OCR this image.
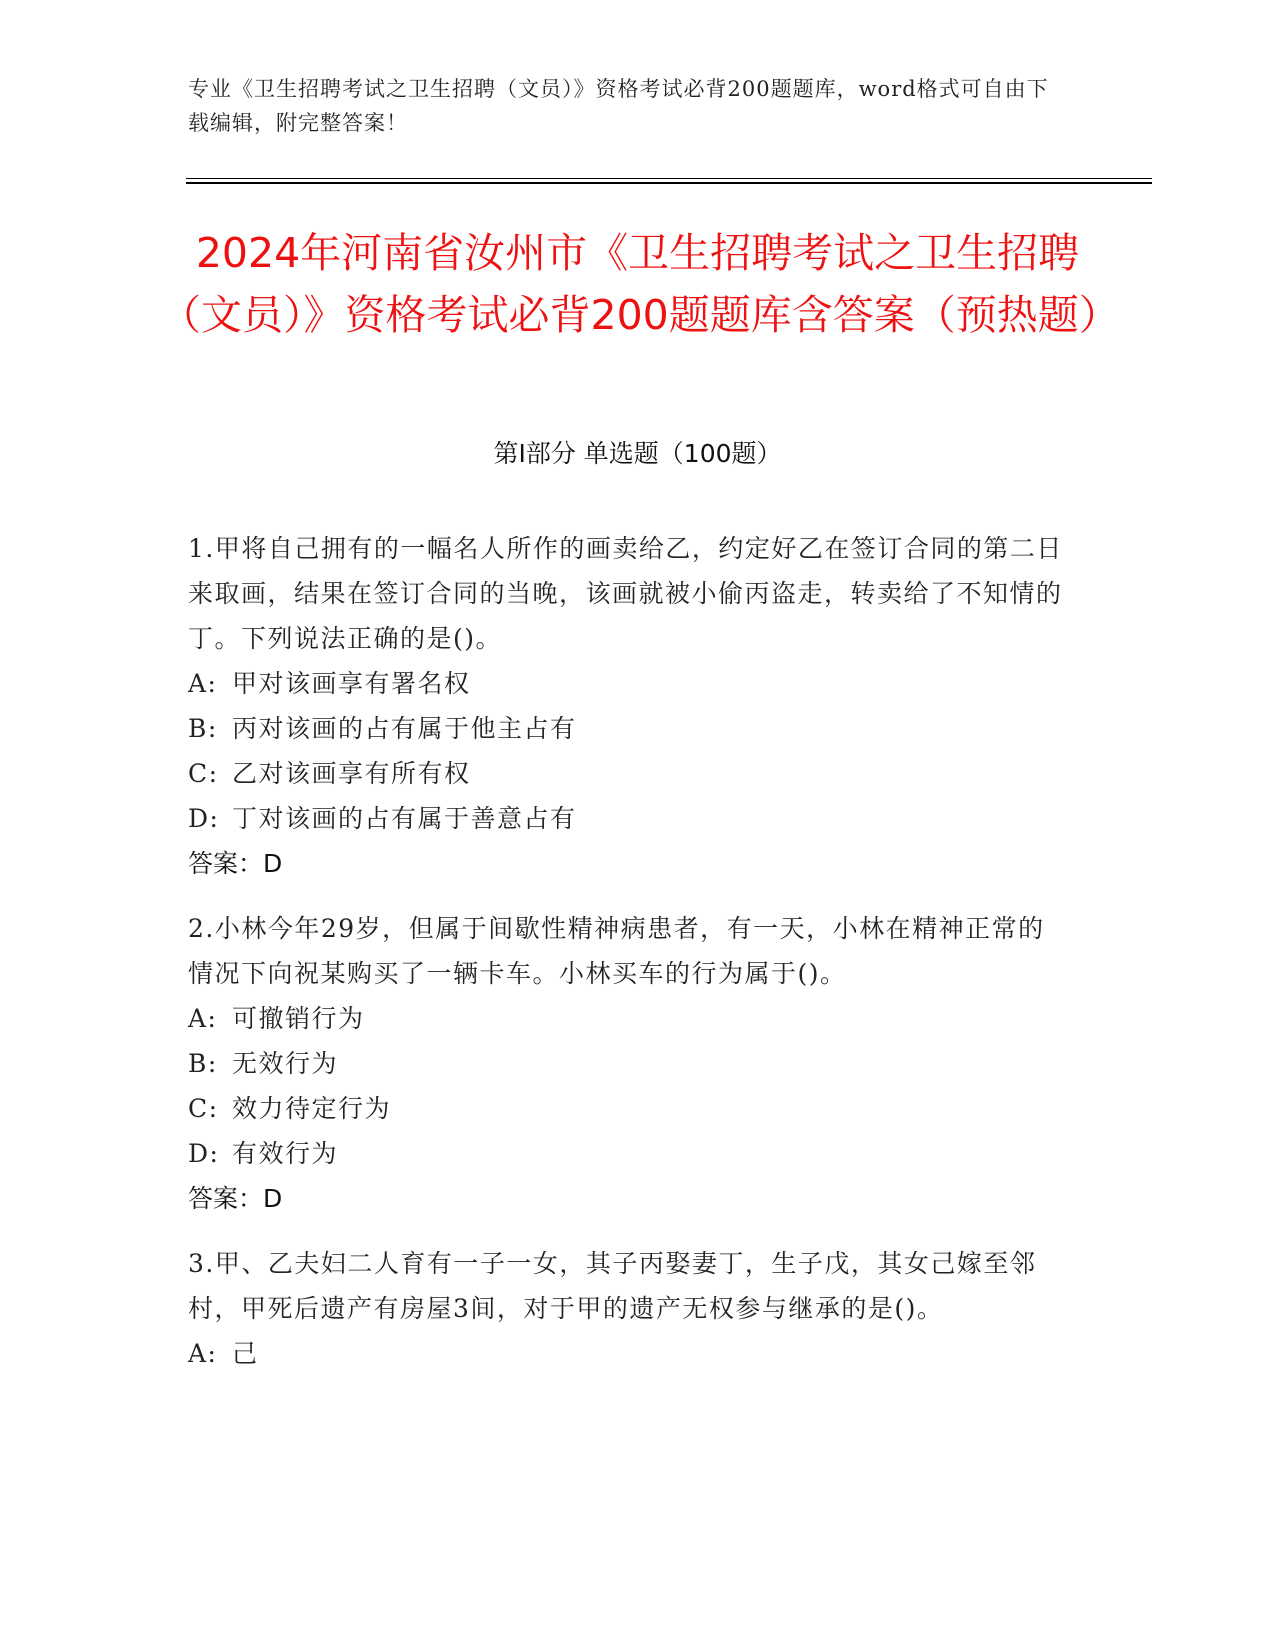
专业《卫生招聘考试之卫生招聘（文员）》资格考试必背200题题库，word格式可自由下载编辑，附完整答案！
2024年河南省汝州市《卫生招聘考试之卫生招聘（文员）》资格考试必背200题题库含答案（预热题）
第Ⅰ部分 单选题（100题）

1.甲将自己拥有的一幅名人所作的画卖给乙，约定好乙在签订合同的第二日来取画，结果在签订合同的当晚，该画就被小偷丙盗走，转卖给了不知情的丁。下列说法正确的是()。

A: 甲对该画享有署名权

B: 丙对该画的占有属于他主占有

C: 乙对该画享有所有权

D: 丁对该画的占有属于善意占有

答案：D

2.小林今年29岁，但属于间歇性精神病患者，有一天，小林在精神正常的情况下向祝某购买了一辆卡车。小林买车的行为属于()。

A: 可撤销行为

B: 无效行为

C: 效力待定行为

D: 有效行为

答案：D

3.甲、乙夫妇二人育有一子一女，其子丙娶妻丁，生子戊，其女己嫁至邻村，甲死后遗产有房屋3间，对于甲的遗产无权参与继承的是()。

A: 己
